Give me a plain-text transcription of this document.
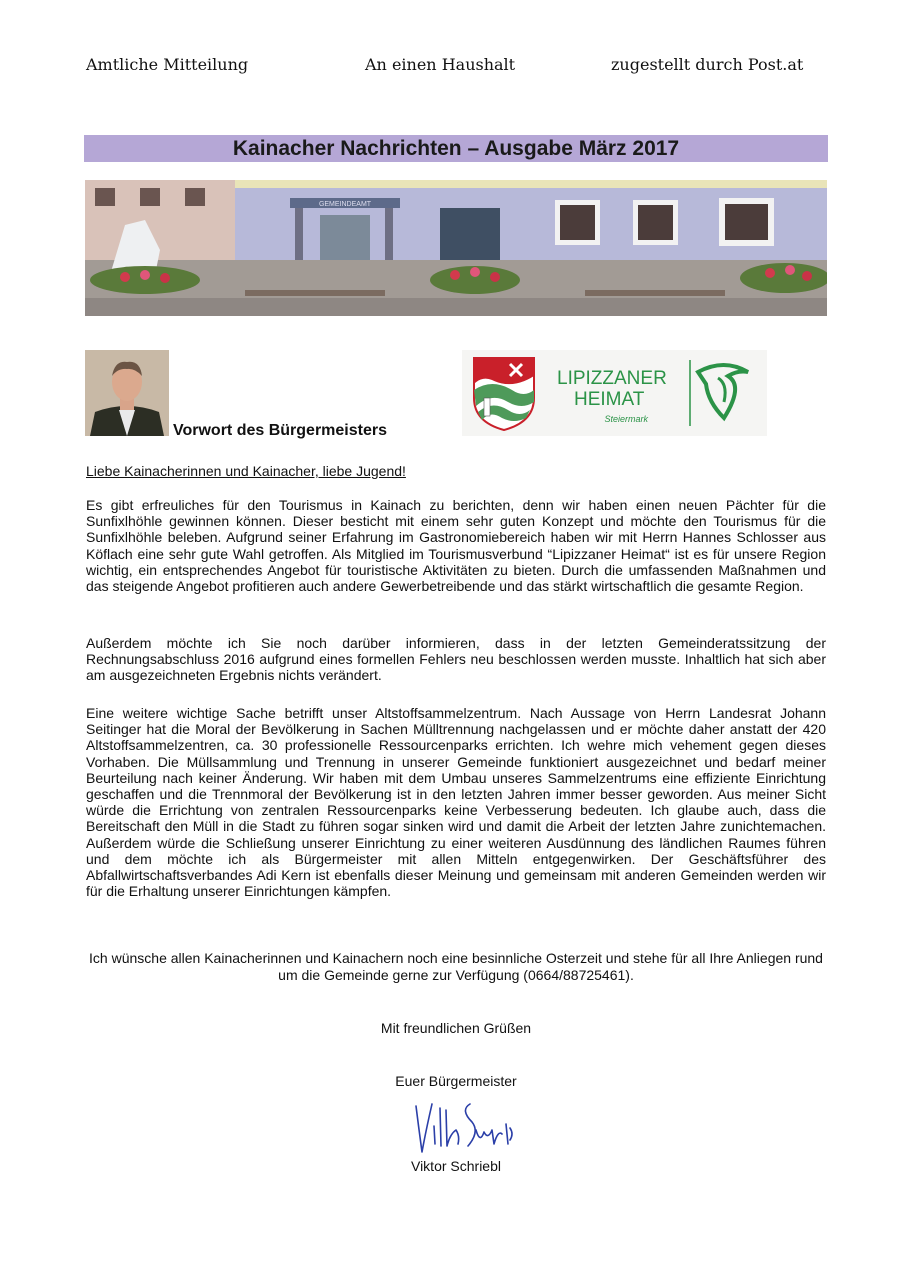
Amtliche Mitteilung	An einen Haushalt	zugestellt durch Post.at
Kainacher Nachrichten – Ausgabe März 2017
GEMEINDEAMT
Vorwort des Bürgermeisters
LIPIZZANER
HEIMAT
Steiermark
Liebe Kainacherinnen und Kainacher, liebe Jugend!

Es gibt erfreuliches für den Tourismus in Kainach zu berichten, denn wir haben einen neuen Pächter für die Sunfixlhöhle gewinnen können. Dieser besticht mit einem sehr guten Konzept und möchte den Tourismus für die Sunfixlhöhle beleben. Aufgrund seiner Erfahrung im Gastronomiebereich haben wir mit Herrn Hannes Schlosser aus Köflach eine sehr gute Wahl getroffen. Als Mitglied im Tourismusverbund “Lipizzaner Heimat“ ist es für unsere Region wichtig, ein entsprechendes Angebot für touristische Aktivitäten zu bieten. Durch die umfassenden Maßnahmen und das steigende Angebot profitieren auch andere Gewerbetreibende und das stärkt wirtschaftlich die gesamte Region.

Außerdem möchte ich Sie noch darüber informieren, dass in der letzten Gemeinderatssitzung der Rechnungsabschluss 2016 aufgrund eines formellen Fehlers neu beschlossen werden musste. Inhaltlich hat sich aber am ausgezeichneten Ergebnis nichts verändert.

Eine weitere wichtige Sache betrifft unser Altstoffsammelzentrum. Nach Aussage von Herrn Landesrat Johann Seitinger hat die Moral der Bevölkerung in Sachen Mülltrennung nachgelassen und er möchte daher anstatt der 420 Altstoffsammelzentren, ca. 30 professionelle Ressourcenparks errichten. Ich wehre mich vehement gegen dieses Vorhaben. Die Müllsammlung und Trennung in unserer Gemeinde funktioniert ausgezeichnet und bedarf meiner Beurteilung nach keiner Änderung. Wir haben mit dem Umbau unseres Sammelzentrums eine effiziente Einrichtung geschaffen und die Trennmoral der Bevölkerung ist in den letzten Jahren immer besser geworden. Aus meiner Sicht würde die Errichtung von zentralen Ressourcenparks keine Verbesserung bedeuten. Ich glaube auch, dass die Bereitschaft den Müll in die Stadt zu führen sogar sinken wird und damit die Arbeit der letzten Jahre zunichtemachen. Außerdem würde die Schließung unserer Einrichtung zu einer weiteren Ausdünnung des ländlichen Raumes führen und dem möchte ich als Bürgermeister mit allen Mitteln entgegenwirken. Der Geschäftsführer des Abfallwirtschaftsverbandes Adi Kern ist ebenfalls dieser Meinung und gemeinsam mit anderen Gemeinden werden wir für die Erhaltung unserer Einrichtungen kämpfen.

Ich wünsche allen Kainacherinnen und Kainachern noch eine besinnliche Osterzeit und stehe für all Ihre Anliegen rund um die Gemeinde gerne zur Verfügung (0664/88725461).

Mit freundlichen Grüßen

Euer Bürgermeister

Viktor Schriebl
